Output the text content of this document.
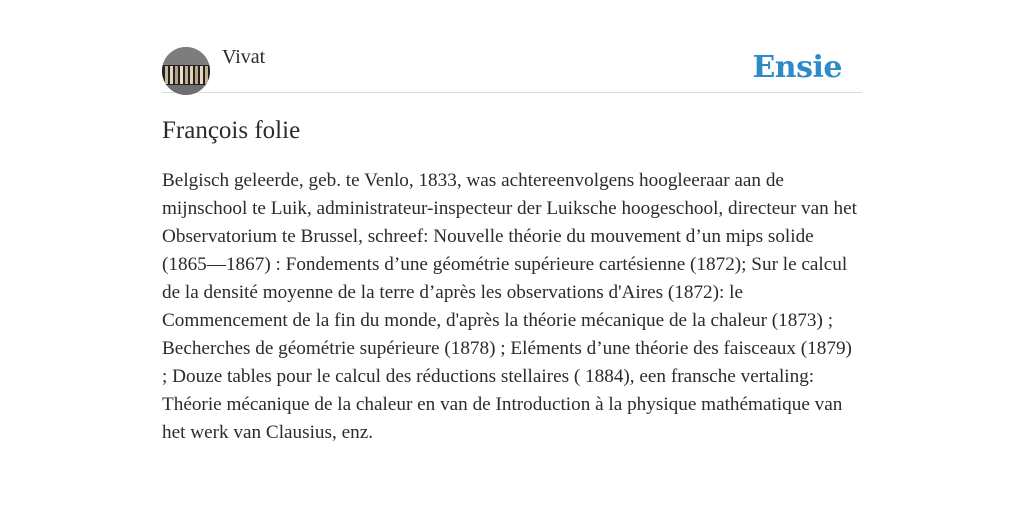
Vivat	Ensie
François folie
Belgisch geleerde, geb. te Venlo, 1833, was achtereenvolgens hoogleeraar aan de mijnschool te Luik, administrateur-inspecteur der Luiksche hoogeschool, directeur van het Observatorium te Brussel, schreef: Nouvelle théorie du mouvement d’un mips solide (1865—1867) : Fondements d’une géométrie supérieure cartésienne (1872); Sur le calcul de la densité moyenne de la terre d’après les observations d'Aires (1872): le Commencement de la fin du monde, d'après la théorie mécanique de la chaleur (1873) ; Becherches de géométrie supérieure (1878) ; Eléments d’une théorie des faisceaux (1879) ; Douze tables pour le calcul des réductions stellaires ( 1884), een fransche vertaling: Théorie mécanique de la chaleur en van de Introduction à la physique mathématique van het werk van Clausius, enz.
